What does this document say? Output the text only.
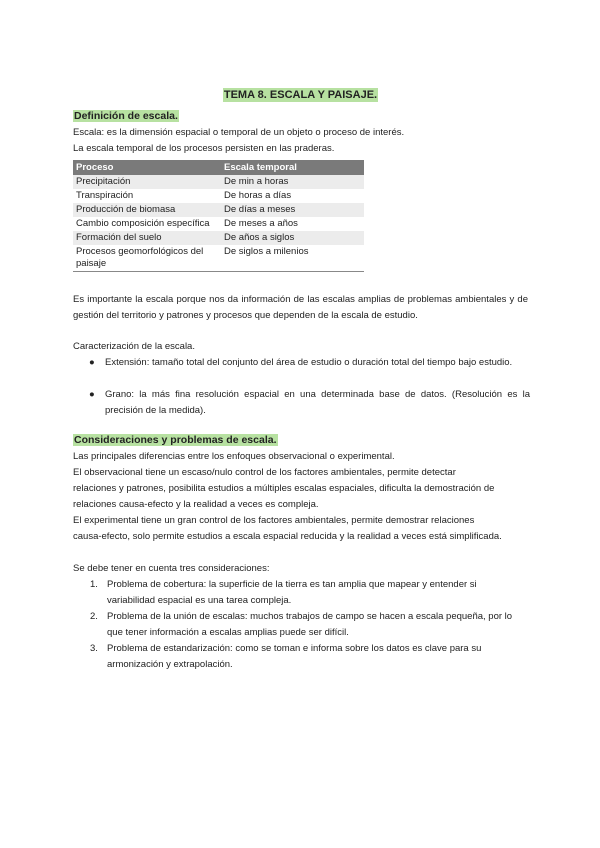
TEMA 8. ESCALA Y PAISAJE.
Definición de escala.
Escala: es la dimensión espacial o temporal de un objeto o proceso de interés.
La escala temporal de los procesos persisten en las praderas.
Proceso	Escala temporal
Precipitación	De min a horas
Transpiración	De horas a días
Producción de biomasa	De días a meses
Cambio composición específica	De meses a años
Formación del suelo	De años a siglos
Procesos geomorfológicos del paisaje	De siglos a milenios
Es importante la escala porque nos da información de las escalas amplias de problemas ambientales y de gestión del territorio y patrones y procesos que dependen de la escala de estudio.
Caracterización de la escala.
● Extensión: tamaño total del conjunto del área de estudio o duración total del tiempo bajo estudio.
● Grano: la más fina resolución espacial en una determinada base de datos. (Resolución es la precisión de la medida).
Consideraciones y problemas de escala.
Las principales diferencias entre los enfoques observacional o experimental.
El observacional tiene un escaso/nulo control de los factores ambientales, permite detectar
relaciones y patrones, posibilita estudios a múltiples escalas espaciales, dificulta la demostración de
relaciones causa-efecto y la realidad a veces es compleja.
El experimental tiene un gran control de los factores ambientales, permite demostrar relaciones
causa-efecto, solo permite estudios a escala espacial reducida y la realidad a veces está simplificada.
Se debe tener en cuenta tres consideraciones:
1. Problema de cobertura: la superficie de la tierra es tan amplia que mapear y entender si variabilidad espacial es una tarea compleja.
2. Problema de la unión de escalas: muchos trabajos de campo se hacen a escala pequeña, por lo que tener información a escalas amplias puede ser difícil.
3. Problema de estandarización: como se toman e informa sobre los datos es clave para su armonización y extrapolación.
